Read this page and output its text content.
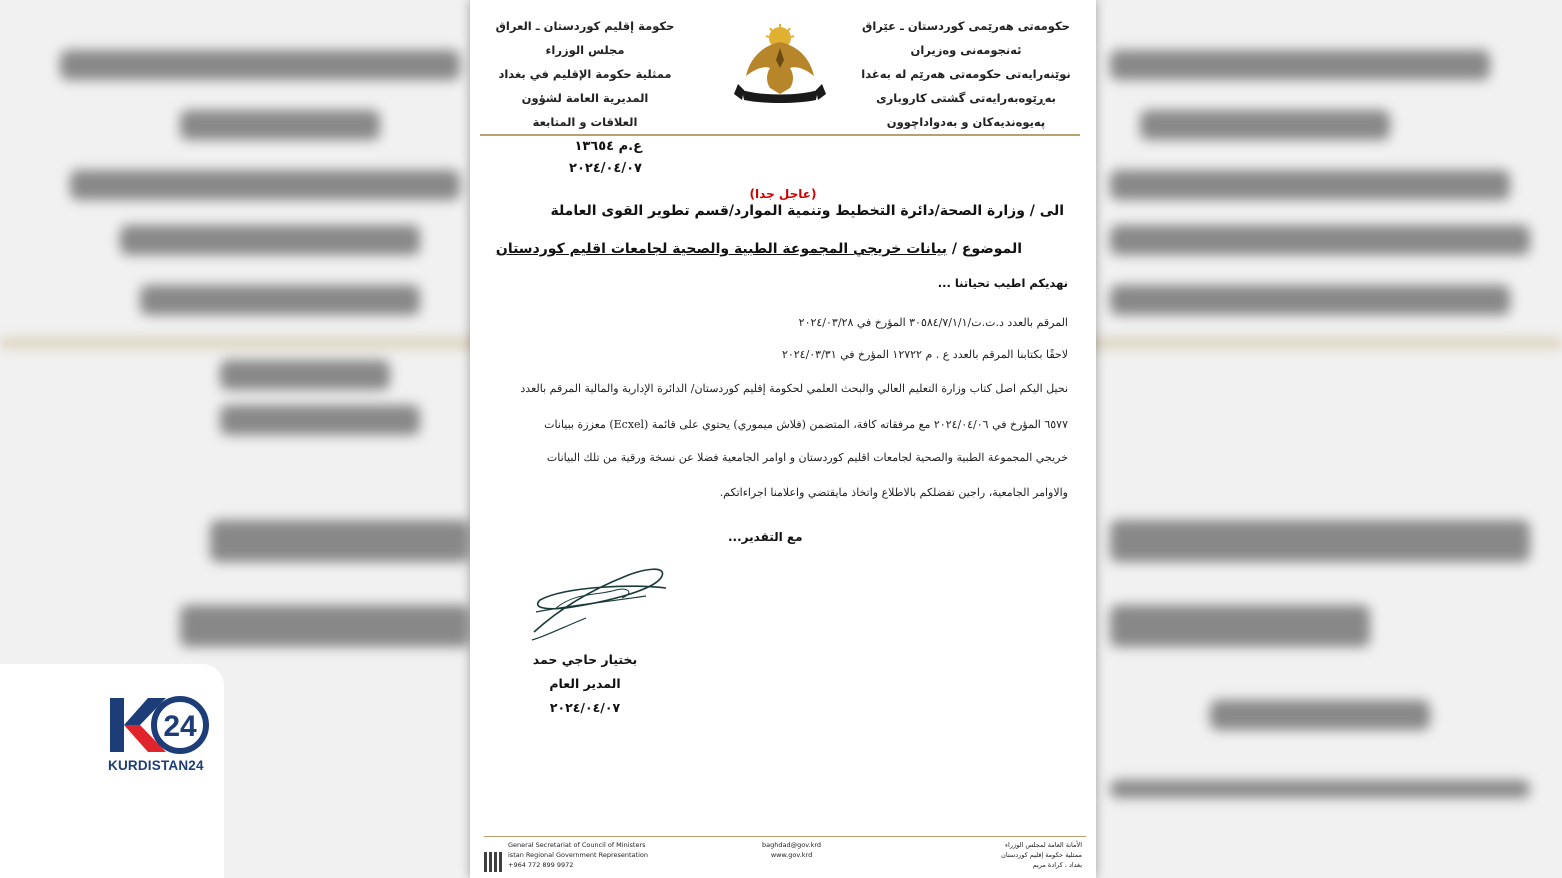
حكومة إقليم كوردستان ـ العراق
مجلس الوزراء
ممثلية حكومة الإقليم في بغداد
المديرية العامة لشؤون
العلاقات و المتابعة
حکومەتی هەرێمی کوردستان ـ عێراق
ئەنجومەنی وەزیران
نوێنەرایەتی حکومەتی هەرێم لە بەغدا
بەڕێوەبەرایەتی گشتی کاروباری
پەیوەندیەکان و بەدواداچوون
ع.م ١٣٦٥٤
٢٠٢٤/٠٤/٠٧
(عاجل جدا)
الى / وزارة الصحة/دائرة التخطيط وتنمية الموارد/قسم تطوير القوى العاملة
الموضوع / بيانات خريجي المجموعة الطبية والصحية لجامعات اقليم كوردستان
نهديكم اطيب تحياتنا ...
المرقم بالعدد د.ت.ت/٣٠٥٨٤/٧/١/١ المؤرخ في ٢٠٢٤/٠٣/٢٨
لاحقًا بكتابنا المرقم بالعدد ع . م ١٢٧٢٢ المؤرخ في ٢٠٢٤/٠٣/٣١
نحيل اليكم اصل كتاب وزارة التعليم العالي والبحث العلمي لحكومة إقليم كوردستان/ الدائرة الإدارية والمالية المرقم بالعدد
٦٥٧٧ المؤرخ في ٢٠٢٤/٠٤/٠٦ مع مرفقاته كافة، المتضمن (فلاش ميموري) يحتوي على قائمة (Ecxel) معززة ببيانات
خريجي المجموعة الطبية والصحية لجامعات اقليم كوردستان و اوامر الجامعية فضلا عن نسخة ورقية من تلك البيانات
والاوامر الجامعية، راجين تفضلكم بالاطلاع واتخاذ مايقتضي واعلامنا اجراءاتكم.
مع التقدير...
بختيار حاجي حمد
المدير العام
٢٠٢٤/٠٤/٠٧
General Secretariat of Council of Ministers
istan Regional Government Representation
+964 772 899 9972
baghdad@gov.krd
www.gov.krd
الأمانة العامة لمجلس الوزراء
ممثلية حكومة إقليم كوردستان
بغداد ، كرادة مريم
24
KURDISTAN24
